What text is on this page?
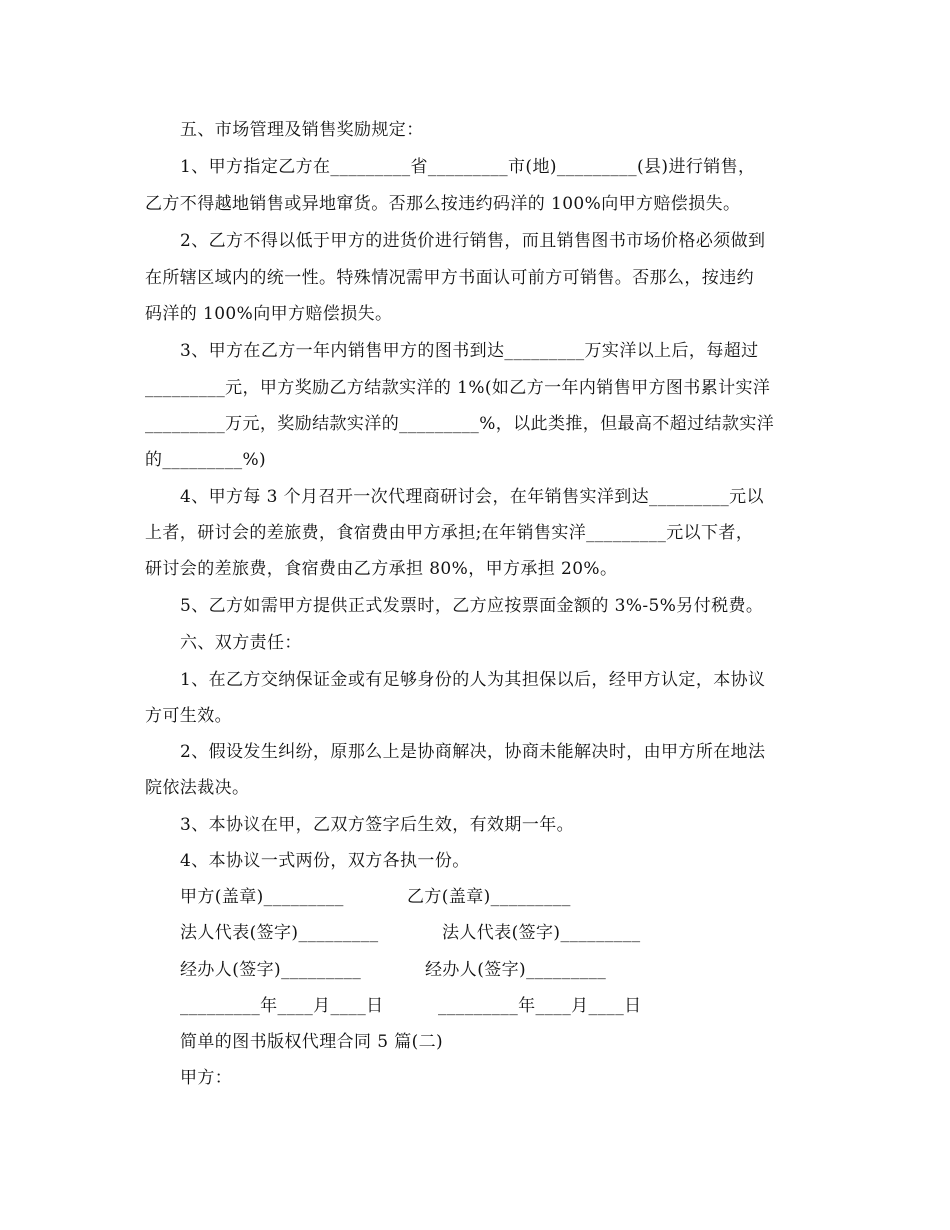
五、市场管理及销售奖励规定：
1、甲方指定乙方在_________省_________市(地)_________(县)进行销售，
乙方不得越地销售或异地窜货。否那么按违约码洋的 100%向甲方赔偿损失。
2、乙方不得以低于甲方的进货价进行销售，而且销售图书市场价格必须做到
在所辖区域内的统一性。特殊情况需甲方书面认可前方可销售。否那么，按违约
码洋的 100%向甲方赔偿损失。
3、甲方在乙方一年内销售甲方的图书到达_________万实洋以上后，每超过
_________元，甲方奖励乙方结款实洋的 1%(如乙方一年内销售甲方图书累计实洋
_________万元，奖励结款实洋的_________%，以此类推，但最高不超过结款实洋
的_________%)
4、甲方每 3 个月召开一次代理商研讨会，在年销售实洋到达_________元以
上者，研讨会的差旅费，食宿费由甲方承担;在年销售实洋_________元以下者，
研讨会的差旅费，食宿费由乙方承担 80%，甲方承担 20%。
5、乙方如需甲方提供正式发票时，乙方应按票面金额的 3%-5%另付税费。
六、双方责任：
1、在乙方交纳保证金或有足够身份的人为其担保以后，经甲方认定，本协议
方可生效。
2、假设发生纠纷，原那么上是协商解决，协商未能解决时，由甲方所在地法
院依法裁决。
3、本协议在甲，乙双方签字后生效，有效期一年。
4、本协议一式两份，双方各执一份。
甲方(盖章)_________	乙方(盖章)_________
法人代表(签字)_________	法人代表(签字)_________
经办人(签字)_________	经办人(签字)_________
_________年____月____日	_________年____月____日
简单的图书版权代理合同 5 篇(二)
甲方：
